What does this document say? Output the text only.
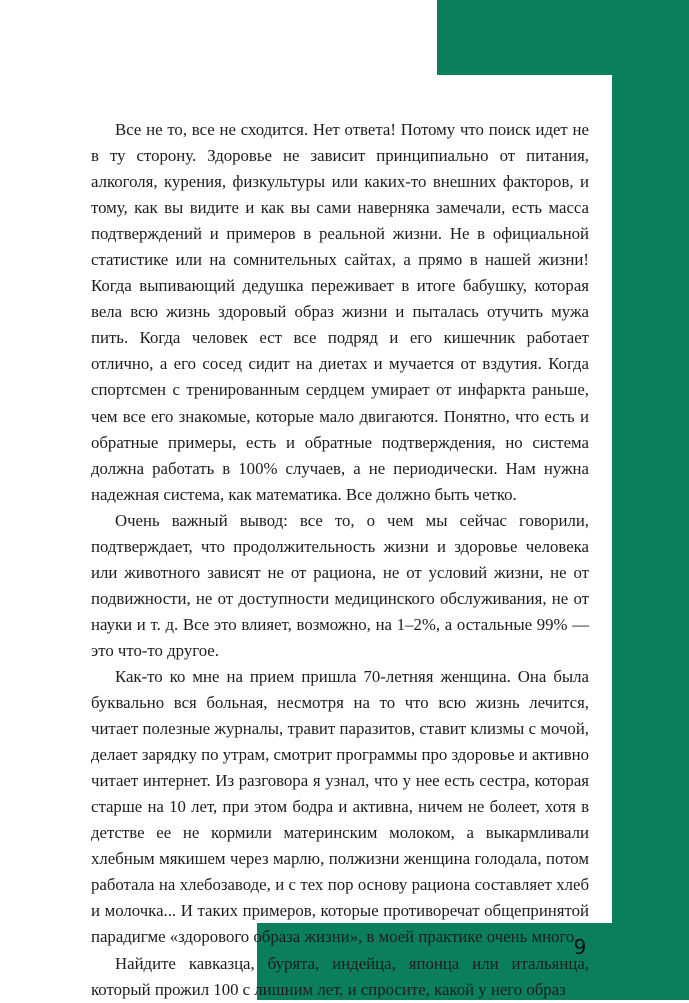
Все не то, все не сходится. Нет ответа! Потому что поиск идет не в ту сторону. Здоровье не зависит принципиально от питания, алкоголя, курения, физкультуры или каких-то внешних факторов, и тому, как вы видите и как вы сами наверняка замечали, есть масса подтверждений и примеров в реальной жизни. Не в официальной статистике или на сомнительных сайтах, а прямо в нашей жизни! Когда выпивающий дедушка переживает в итоге бабушку, которая вела всю жизнь здоровый образ жизни и пыталась отучить мужа пить. Когда человек ест все подряд и его кишечник работает отлично, а его сосед сидит на диетах и мучается от вздутия. Когда спортсмен с тренированным сердцем умирает от инфаркта раньше, чем все его знакомые, которые мало двигаются. Понятно, что есть и обратные примеры, есть и обратные подтверждения, но система должна работать в 100% случаев, а не периодически. Нам нужна надежная система, как математика. Все должно быть четко.

Очень важный вывод: все то, о чем мы сейчас говорили, подтверждает, что продолжительность жизни и здоровье человека или животного зависят не от рациона, не от условий жизни, не от подвижности, не от доступности медицинского обслуживания, не от науки и т. д. Все это влияет, возможно, на 1–2%, а остальные 99% — это что-то другое.

Как-то ко мне на прием пришла 70-летняя женщина. Она была буквально вся больная, несмотря на то что всю жизнь лечится, читает полезные журналы, травит паразитов, ставит клизмы с мочой, делает зарядку по утрам, смотрит программы про здоровье и активно читает интернет. Из разговора я узнал, что у нее есть сестра, которая старше на 10 лет, при этом бодра и активна, ничем не болеет, хотя в детстве ее не кормили материнским молоком, а выкармливали хлебным мякишем через марлю, полжизни женщина голодала, потом работала на хлебозаводе, и с тех пор основу рациона составляет хлеб и молочка... И таких примеров, которые противоречат общепринятой парадигме «здорового образа жизни», в моей практике очень много.

Найдите кавказца, бурята, индейца, японца или итальянца, который прожил 100 с лишним лет, и спросите, какой у него образ

9
